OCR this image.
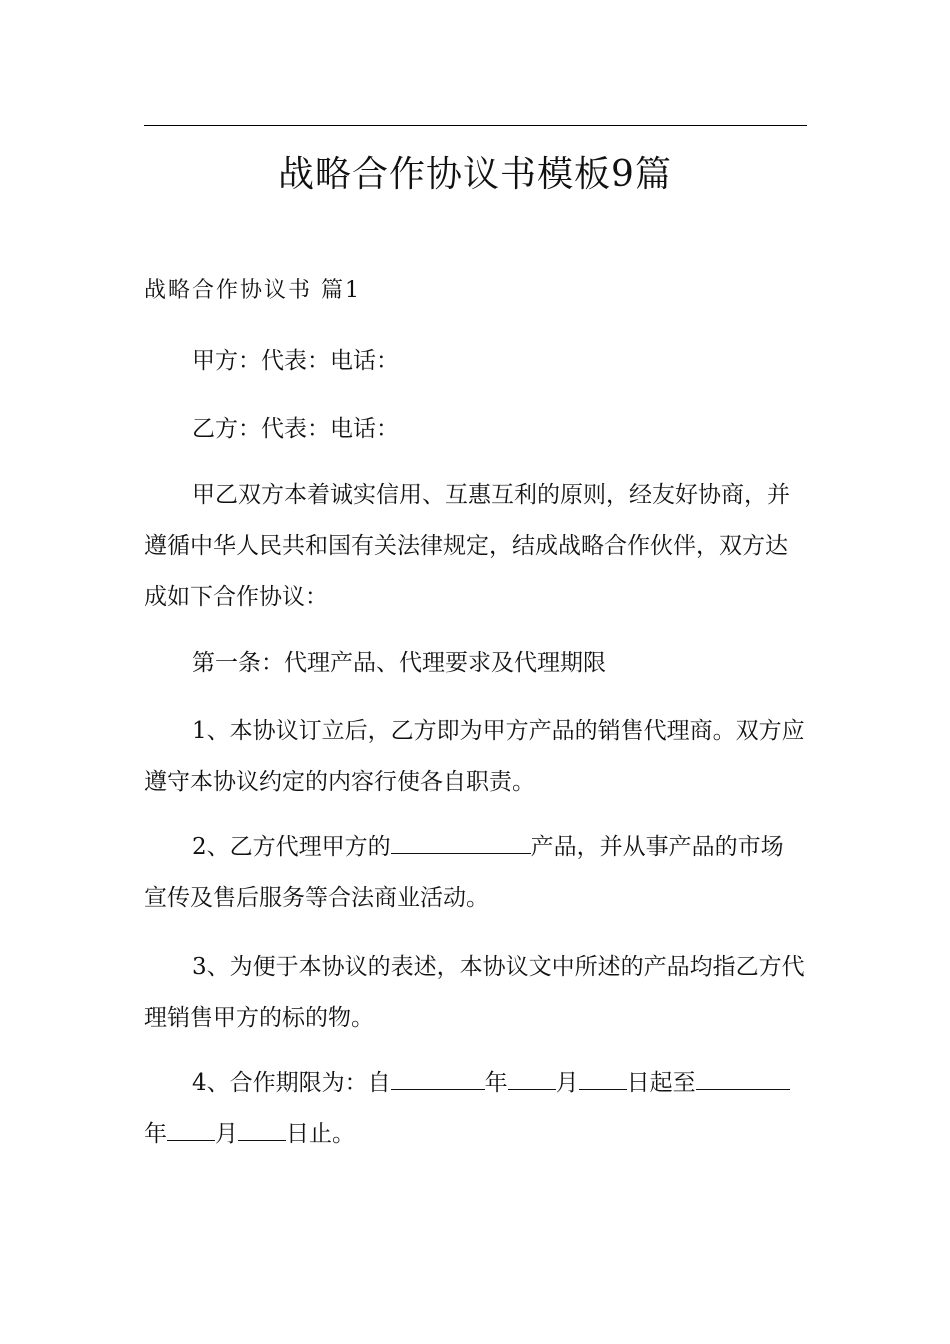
战略合作协议书模板9篇
战略合作协议书 篇1

甲方：代表：电话：

乙方：代表：电话：

甲乙双方本着诚实信用、互惠互利的原则，经友好协商，并遵循中华人民共和国有关法律规定，结成战略合作伙伴，双方达成如下合作协议：

第一条：代理产品、代理要求及代理期限

1、本协议订立后，乙方即为甲方产品的销售代理商。双方应遵守本协议约定的内容行使各自职责。

2、乙方代理甲方的	产品，并从事产品的市场宣传及售后服务等合法商业活动。

3、为便于本协议的表述，本协议文中所述的产品均指乙方代理销售甲方的标的物。

4、合作期限为：自	年 月 日起至年 月 日止。
